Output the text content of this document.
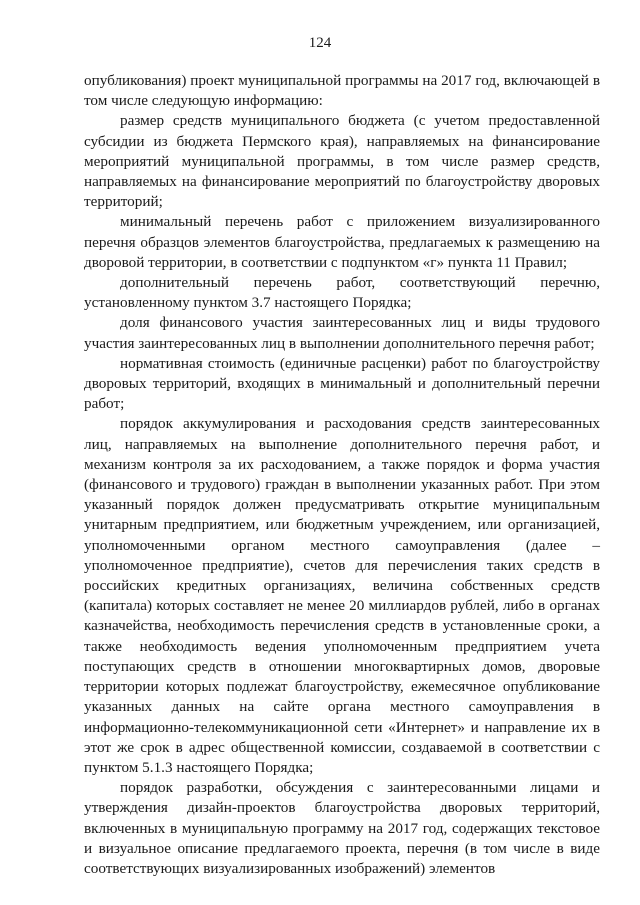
124

опубликования) проект муниципальной программы на 2017 год, включающей в том числе следующую информацию:

размер средств муниципального бюджета (с учетом предоставленной субсидии из бюджета Пермского края), направляемых на финансирование мероприятий муниципальной программы, в том числе размер средств, направляемых на финансирование мероприятий по благоустройству дворовых территорий;

минимальный перечень работ с приложением визуализированного перечня образцов элементов благоустройства, предлагаемых к размещению на дворовой территории, в соответствии с подпунктом «г» пункта 11 Правил;

дополнительный перечень работ, соответствующий перечню, установленному пунктом 3.7 настоящего Порядка;

доля финансового участия заинтересованных лиц и виды трудового участия заинтересованных лиц в выполнении дополнительного перечня работ;

нормативная стоимость (единичные расценки) работ по благоустройству дворовых территорий, входящих в минимальный и дополнительный перечни работ;

порядок аккумулирования и расходования средств заинтересованных лиц, направляемых на выполнение дополнительного перечня работ, и механизм контроля за их расходованием, а также порядок и форма участия (финансового и трудового) граждан в выполнении указанных работ. При этом указанный порядок должен предусматривать открытие муниципальным унитарным предприятием, или бюджетным учреждением, или организацией, уполномоченными органом местного самоуправления (далее – уполномоченное предприятие), счетов для перечисления таких средств в российских кредитных организациях, величина собственных средств (капитала) которых составляет не менее 20 миллиардов рублей, либо в органах казначейства, необходимость перечисления средств в установленные сроки, а также необходимость ведения уполномоченным предприятием учета поступающих средств в отношении многоквартирных домов, дворовые территории которых подлежат благоустройству, ежемесячное опубликование указанных данных на сайте органа местного самоуправления в информационно-телекоммуникационной сети «Интернет» и направление их в этот же срок в адрес общественной комиссии, создаваемой в соответствии с пунктом 5.1.3 настоящего Порядка;

порядок разработки, обсуждения с заинтересованными лицами и утверждения дизайн-проектов благоустройства дворовых территорий, включенных в муниципальную программу на 2017 год, содержащих текстовое и визуальное описание предлагаемого проекта, перечня (в том числе в виде соответствующих визуализированных изображений) элементов
